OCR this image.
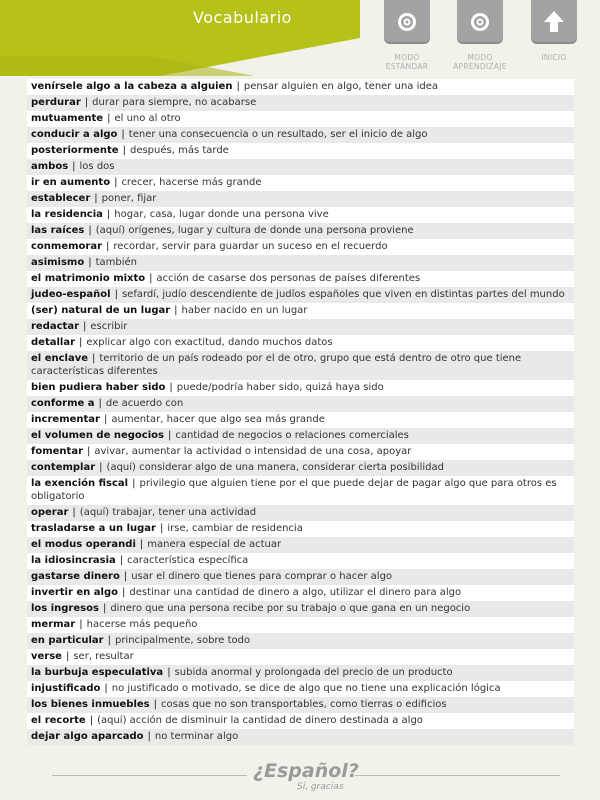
Vocabulario
MODO
ESTÁNDAR
MODO
APRENDIZAJE
INICIO
venírsele algo a la cabeza a alguien | pensar alguien en algo, tener una idea
perdurar | durar para siempre, no acabarse
mutuamente | el uno al otro
conducir a algo | tener una consecuencia o un resultado, ser el inicio de algo
posteriormente | después, más tarde
ambos | los dos
ir en aumento | crecer, hacerse más grande
establecer | poner, fijar
la residencia | hogar, casa, lugar donde una persona vive
las raíces | (aquí) orígenes, lugar y cultura de donde una persona proviene
conmemorar | recordar, servir para guardar un suceso en el recuerdo
asimismo | también
el matrimonio mixto | acción de casarse dos personas de países diferentes
judeo-español | sefardí, judío descendiente de judíos españoles que viven en distintas partes del mundo
(ser) natural de un lugar | haber nacido en un lugar
redactar | escribir
detallar | explicar algo con exactitud, dando muchos datos
el enclave | territorio de un país rodeado por el de otro, grupo que está dentro de otro que tiene características diferentes
bien pudiera haber sido | puede/podría haber sido, quizá haya sido
conforme a | de acuerdo con
incrementar | aumentar, hacer que algo sea más grande
el volumen de negocios | cantidad de negocios o relaciones comerciales
fomentar | avivar, aumentar la actividad o intensidad de una cosa, apoyar
contemplar | (aquí) considerar algo de una manera, considerar cierta posibilidad
la exención fiscal | privilegio que alguien tiene por el que puede dejar de pagar algo que para otros es obligatorio
operar | (aquí) trabajar, tener una actividad
trasladarse a un lugar | irse, cambiar de residencia
el modus operandi | manera especial de actuar
la idiosincrasia | característica específica
gastarse dinero | usar el dinero que tienes para comprar o hacer algo
invertir en algo | destinar una cantidad de dinero a algo, utilizar el dinero para algo
los ingresos | dinero que una persona recibe por su trabajo o que gana en un negocio
mermar | hacerse más pequeño
en particular | principalmente, sobre todo
verse | ser, resultar
la burbuja especulativa | subida anormal y prolongada del precio de un producto
injustificado | no justificado o motivado, se dice de algo que no tiene una explicación lógica
los bienes inmuebles | cosas que no son transportables, como tierras o edificios
el recorte | (aquí) acción de disminuir la cantidad de dinero destinada a algo
dejar algo aparcado | no terminar algo
¿Español?
Sí, gracias
